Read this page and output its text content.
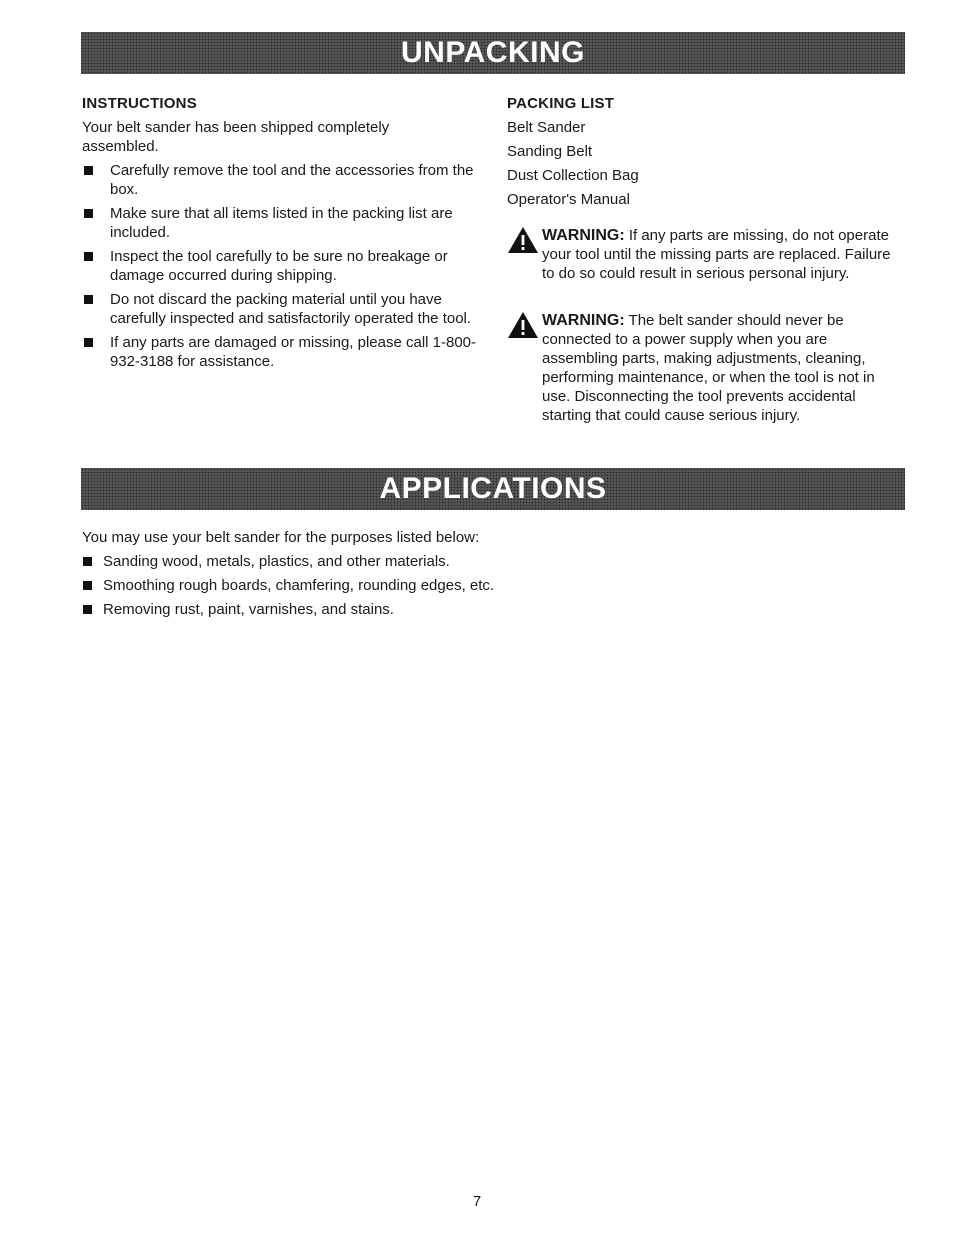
UNPACKING

INSTRUCTIONS

Your belt sander has been shipped completely assembled.

Carefully remove the tool and the accessories from the box.
Make sure that all items listed in the packing list are included.
Inspect the tool carefully to be sure no breakage or damage occurred during shipping.
Do not discard the packing material until you have carefully inspected and satisfactorily operated the tool.
If any parts are damaged or missing, please call 1-800-932-3188 for assistance.

PACKING LIST

Belt Sander

Sanding Belt

Dust Collection Bag

Operator's Manual

WARNING: If any parts are missing, do not operate your tool until the missing parts are replaced. Failure to do so could result in serious personal injury.
WARNING: The belt sander should never be connected to a power supply when you are assembling parts, making adjustments, cleaning, performing maintenance, or when the tool is not in use. Disconnecting the tool prevents accidental starting that could cause serious injury.
APPLICATIONS

You may use your belt sander for the purposes listed below:

Sanding wood, metals, plastics, and other materials.
Smoothing rough boards, chamfering, rounding edges, etc.
Removing rust, paint, varnishes, and stains.
7
